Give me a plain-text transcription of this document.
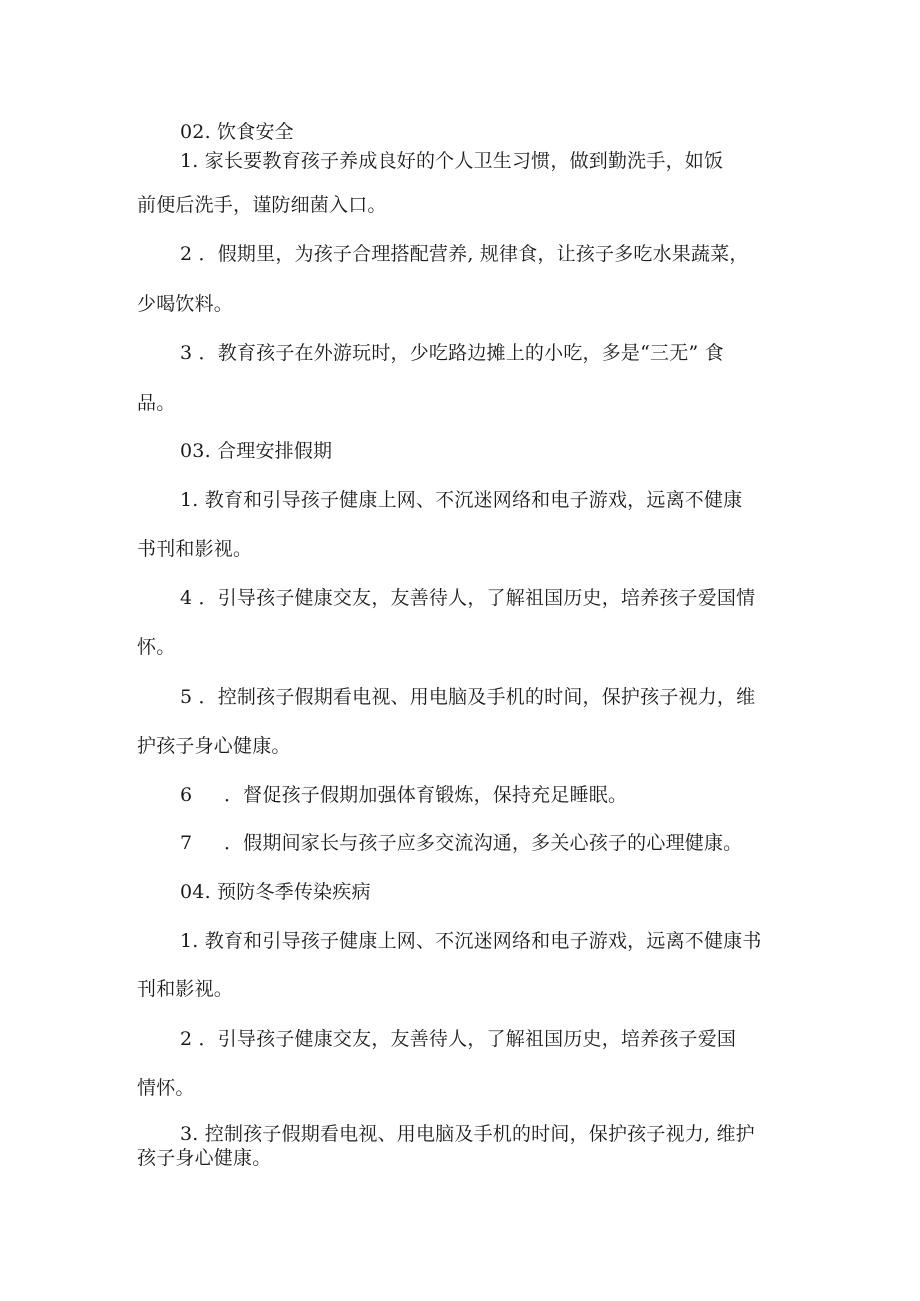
02. 饮食安全

1. 家长要教育孩子养成良好的个人卫生习惯，做到勤洗手，如饭

前便后洗手，谨防细菌入口。

2 ．假期里，为孩子合理搭配营养, 规律食，让孩子多吃水果蔬菜，

少喝饮料。

3 ．教育孩子在外游玩时，少吃路边摊上的小吃，多是“三无” 食

品。

03. 合理安排假期

1. 教育和引导孩子健康上网、不沉迷网络和电子游戏，远离不健康

书刊和影视。

4 ．引导孩子健康交友，友善待人，了解祖国历史，培养孩子爱国情

怀。

5 ．控制孩子假期看电视、用电脑及手机的时间，保护孩子视力，维

护孩子身心健康。

6 　 ．督促孩子假期加强体育锻炼，保持充足睡眠。

7 　 ．假期间家长与孩子应多交流沟通，多关心孩子的心理健康。

04. 预防冬季传染疾病

1. 教育和引导孩子健康上网、不沉迷网络和电子游戏，远离不健康书

刊和影视。

2 ．引导孩子健康交友，友善待人，了解祖国历史，培养孩子爱国

情怀。

3. 控制孩子假期看电视、用电脑及手机的时间，保护孩子视力, 维护

孩子身心健康。
